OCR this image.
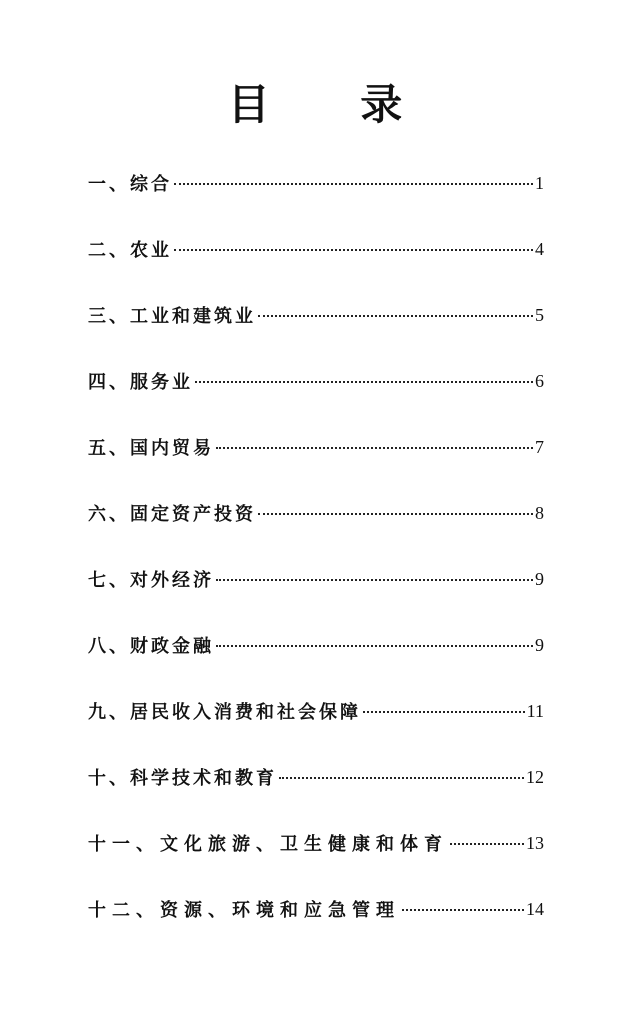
目 录
一、综合	1
二、农业	4
三、工业和建筑业	5
四、服务业	6
五、国内贸易	7
六、固定资产投资	8
七、对外经济	9
八、财政金融	9
九、居民收入消费和社会保障	11
十、科学技术和教育	12
十一、文化旅游、卫生健康和体育	13
十二、资源、环境和应急管理	14
